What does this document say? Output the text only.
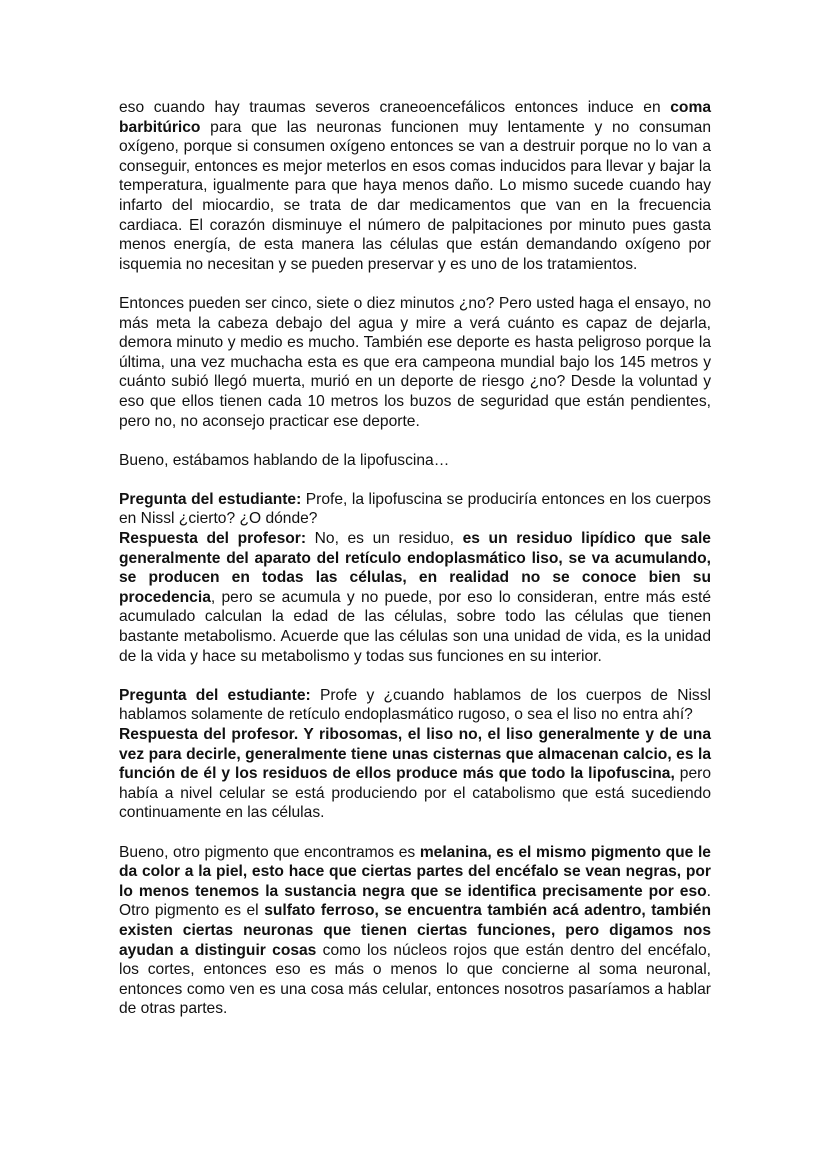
eso cuando hay traumas severos craneoencefálicos entonces induce en coma barbitúrico para que las neuronas funcionen muy lentamente y no consuman oxígeno, porque si consumen oxígeno entonces se van a destruir porque no lo van a conseguir, entonces es mejor meterlos en esos comas inducidos para llevar y bajar la temperatura, igualmente para que haya menos daño. Lo mismo sucede cuando hay infarto del miocardio, se trata de dar medicamentos que van en la frecuencia cardiaca. El corazón disminuye el número de palpitaciones por minuto pues gasta menos energía, de esta manera las células que están demandando oxígeno por isquemia no necesitan y se pueden preservar y es uno de los tratamientos.

Entonces pueden ser cinco, siete o diez minutos ¿no? Pero usted haga el ensayo, no más meta la cabeza debajo del agua y mire a verá cuánto es capaz de dejarla, demora minuto y medio es mucho. También ese deporte es hasta peligroso porque la última, una vez muchacha esta es que era campeona mundial bajo los 145 metros y cuánto subió llegó muerta, murió en un deporte de riesgo ¿no? Desde la voluntad y eso que ellos tienen cada 10 metros los buzos de seguridad que están pendientes, pero no, no aconsejo practicar ese deporte.

Bueno, estábamos hablando de la lipofuscina…

Pregunta del estudiante: Profe, la lipofuscina se produciría entonces en los cuerpos en Nissl ¿cierto? ¿O dónde?

Respuesta del profesor: No, es un residuo, es un residuo lipídico que sale generalmente del aparato del retículo endoplasmático liso, se va acumulando, se producen en todas las células, en realidad no se conoce bien su procedencia, pero se acumula y no puede, por eso lo consideran, entre más esté acumulado calculan la edad de las células, sobre todo las células que tienen bastante metabolismo. Acuerde que las células son una unidad de vida, es la unidad de la vida y hace su metabolismo y todas sus funciones en su interior.

Pregunta del estudiante: Profe y ¿cuando hablamos de los cuerpos de Nissl hablamos solamente de retículo endoplasmático rugoso, o sea el liso no entra ahí?

Respuesta del profesor. Y ribosomas, el liso no, el liso generalmente y de una vez para decirle, generalmente tiene unas cisternas que almacenan calcio, es la función de él y los residuos de ellos produce más que todo la lipofuscina, pero había a nivel celular se está produciendo por el catabolismo que está sucediendo continuamente en las células.

Bueno, otro pigmento que encontramos es melanina, es el mismo pigmento que le da color a la piel, esto hace que ciertas partes del encéfalo se vean negras, por lo menos tenemos la sustancia negra que se identifica precisamente por eso. Otro pigmento es el sulfato ferroso, se encuentra también acá adentro, también existen ciertas neuronas que tienen ciertas funciones, pero digamos nos ayudan a distinguir cosas como los núcleos rojos que están dentro del encéfalo, los cortes, entonces eso es más o menos lo que concierne al soma neuronal, entonces como ven es una cosa más celular, entonces nosotros pasaríamos a hablar de otras partes.
